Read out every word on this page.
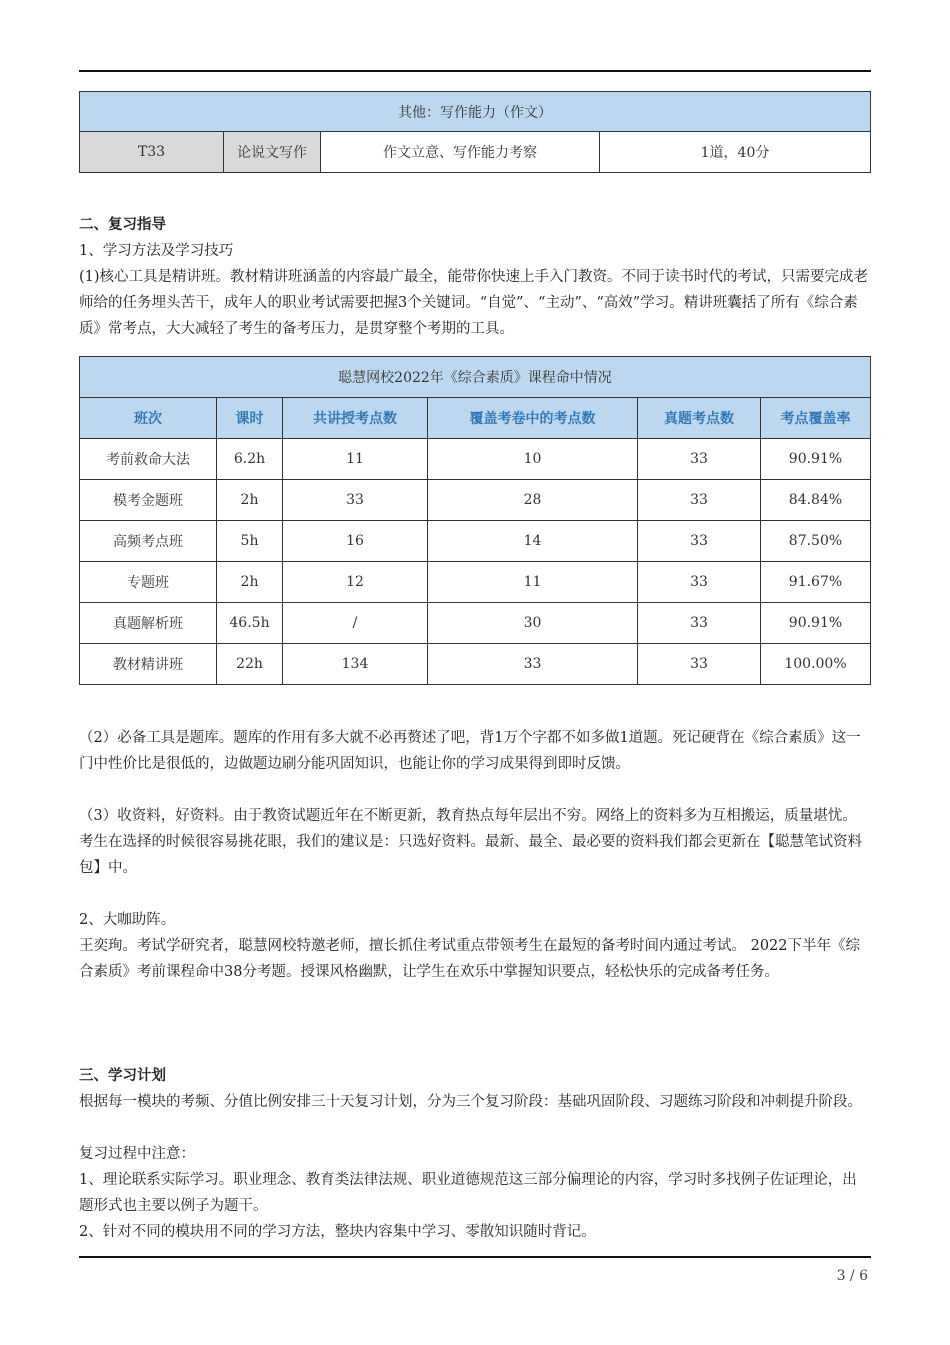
其他：写作能力（作文）
T33	论说文写作	作文立意、写作能力考察	1道，40分

二、复习指导

1、学习方法及学习技巧

(1)核心工具是精讲班。教材精讲班涵盖的内容最广最全，能带你快速上手入门教资。不同于读书时代的考试，只需要完成老师给的任务埋头苦干，成年人的职业考试需要把握3个关键词。“自觉”、“主动”、“高效”学习。精讲班囊括了所有《综合素质》常考点，大大减轻了考生的备考压力，是贯穿整个考期的工具。

聪慧网校2022年《综合素质》课程命中情况					
班次	课时	共讲授考点数	覆盖考卷中的考点数	真题考点数	考点覆盖率
考前救命大法	6.2h	11	10	33	90.91%
模考金题班	2h	33	28	33	84.84%
高频考点班	5h	16	14	33	87.50%
专题班	2h	12	11	33	91.67%
真题解析班	46.5h	/	30	33	90.91%
教材精讲班	22h	134	33	33	100.00%

（2）必备工具是题库。题库的作用有多大就不必再赘述了吧，背1万个字都不如多做1道题。死记硬背在《综合素质》这一门中性价比是很低的，边做题边刷分能巩固知识，也能让你的学习成果得到即时反馈。

（3）收资料，好资料。由于教资试题近年在不断更新，教育热点每年层出不穷。网络上的资料多为互相搬运，质量堪忧。考生在选择的时候很容易挑花眼，我们的建议是：只选好资料。最新、最全、最必要的资料我们都会更新在【聪慧笔试资料包】中。

2、大咖助阵。

王奕珣。考试学研究者，聪慧网校特邀老师，擅长抓住考试重点带领考生在最短的备考时间内通过考试。 2022下半年《综合素质》考前课程命中38分考题。授课风格幽默，让学生在欢乐中掌握知识要点，轻松快乐的完成备考任务。

三、学习计划

根据每一模块的考频、分值比例安排三十天复习计划，分为三个复习阶段：基础巩固阶段、习题练习阶段和冲刺提升阶段。

复习过程中注意：

1、理论联系实际学习。职业理念、教育类法律法规、职业道德规范这三部分偏理论的内容，学习时多找例子佐证理论，出题形式也主要以例子为题干。

2、针对不同的模块用不同的学习方法，整块内容集中学习、零散知识随时背记。

3 / 6
